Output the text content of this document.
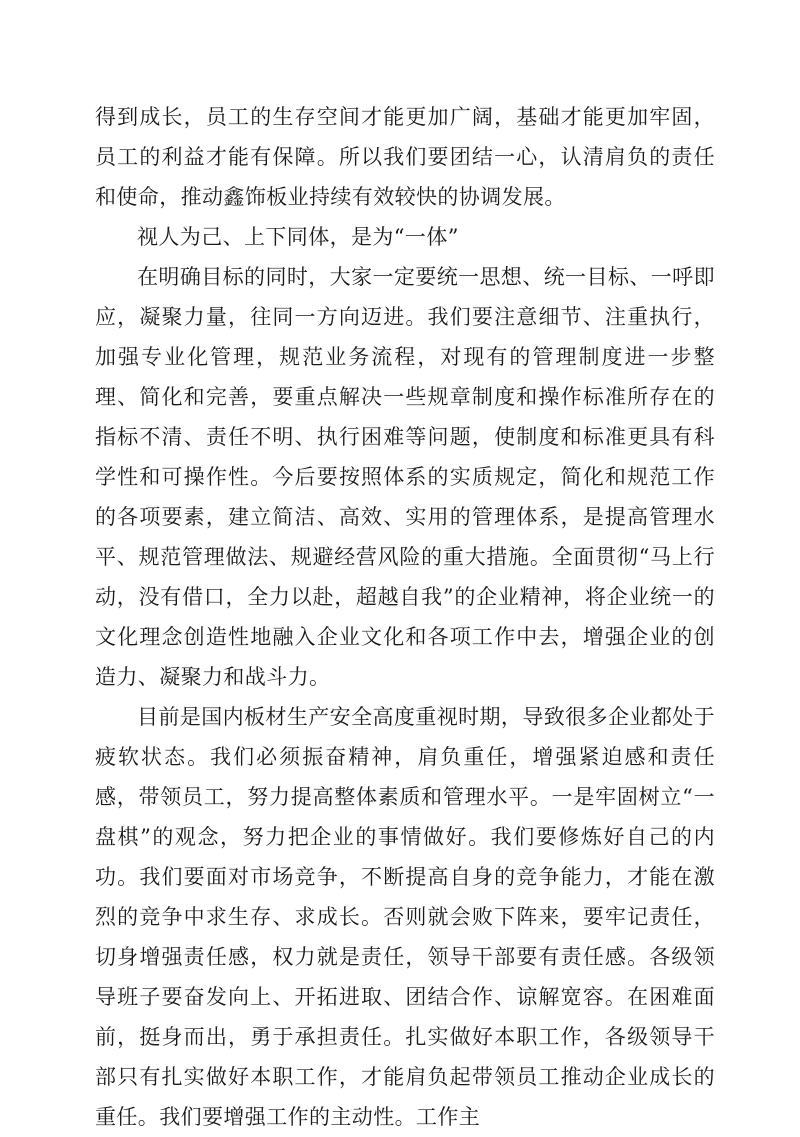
得到成长，员工的生存空间才能更加广阔，基础才能更加牢固，员工的利益才能有保障。所以我们要团结一心，认清肩负的责任和使命，推动鑫饰板业持续有效较快的协调发展。

视人为己、上下同体，是为“一体”

在明确目标的同时，大家一定要统一思想、统一目标、一呼即应，凝聚力量，往同一方向迈进。我们要注意细节、注重执行，加强专业化管理，规范业务流程，对现有的管理制度进一步整理、简化和完善，要重点解决一些规章制度和操作标准所存在的指标不清、责任不明、执行困难等问题，使制度和标准更具有科学性和可操作性。今后要按照体系的实质规定，简化和规范工作的各项要素，建立简洁、高效、实用的管理体系，是提高管理水平、规范管理做法、规避经营风险的重大措施。全面贯彻“马上行动，没有借口，全力以赴，超越自我”的企业精神，将企业统一的文化理念创造性地融入企业文化和各项工作中去，增强企业的创造力、凝聚力和战斗力。

目前是国内板材生产安全高度重视时期，导致很多企业都处于疲软状态。我们必须振奋精神，肩负重任，增强紧迫感和责任感，带领员工，努力提高整体素质和管理水平。一是牢固树立“一盘棋”的观念，努力把企业的事情做好。我们要修炼好自己的内功。我们要面对市场竞争，不断提高自身的竞争能力，才能在激烈的竞争中求生存、求成长。否则就会败下阵来，要牢记责任，切身增强责任感，权力就是责任，领导干部要有责任感。各级领导班子要奋发向上、开拓进取、团结合作、谅解宽容。在困难面前，挺身而出，勇于承担责任。扎实做好本职工作，各级领导干部只有扎实做好本职工作，才能肩负起带领员工推动企业成长的重任。我们要增强工作的主动性。工作主
